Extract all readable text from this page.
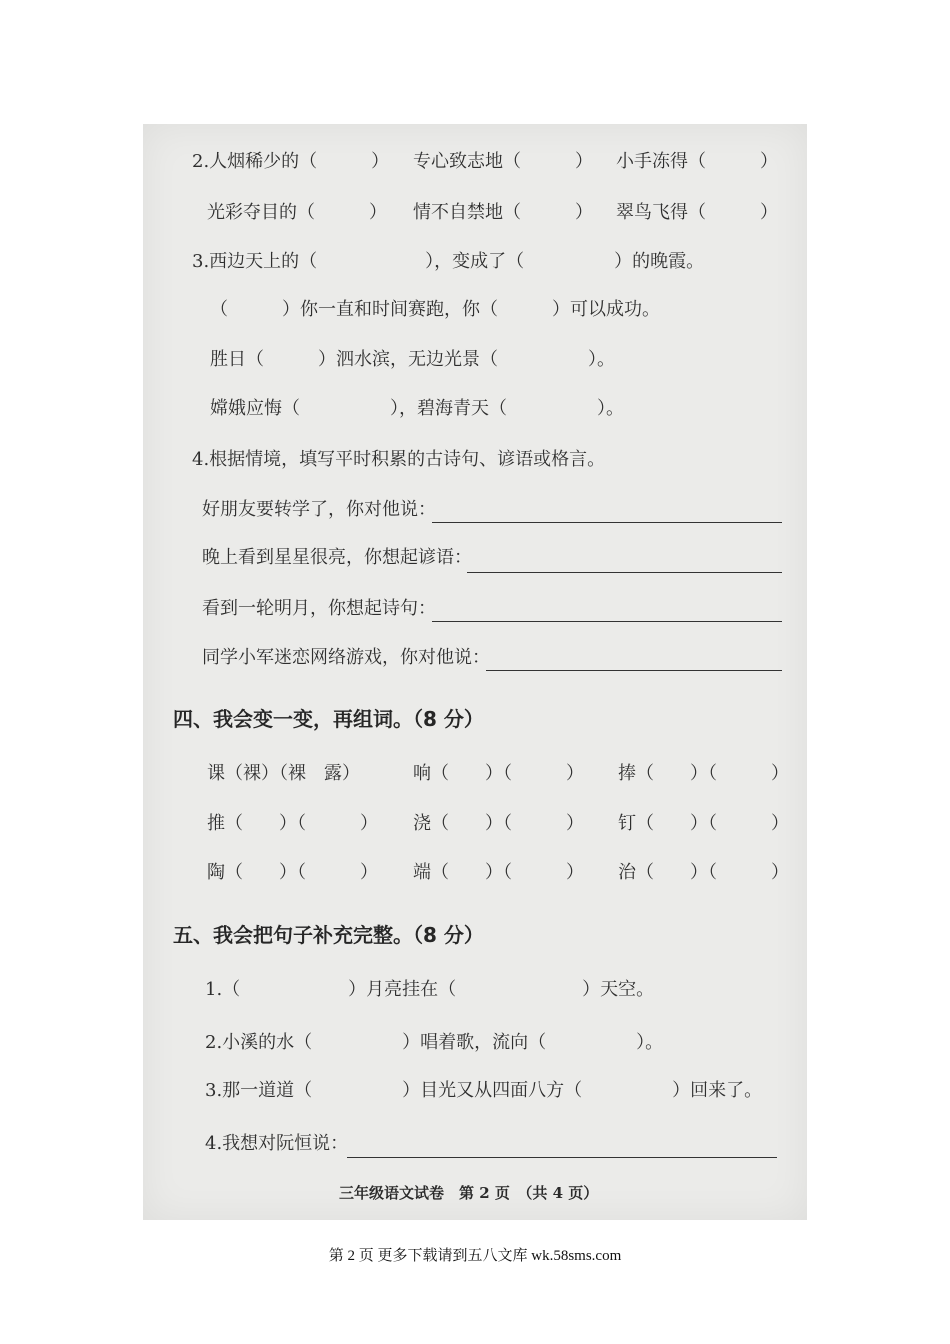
2.人烟稀少的（　　　） 专心致志地（　　　） 小手冻得（　　　）
光彩夺目的（　　　） 情不自禁地（　　　） 翠鸟飞得（　　　）
3.西边天上的（　　　　　　），变成了（　　　　　）的晚霞。
（　　　）你一直和时间赛跑，你（　　　）可以成功。
胜日（　　　）泗水滨，无边光景（　　　　　）。
嫦娥应悔（　　　　　），碧海青天（　　　　　）。
4.根据情境，填写平时积累的古诗句、谚语或格言。
好朋友要转学了，你对他说：
晚上看到星星很亮，你想起谚语：
看到一轮明月，你想起诗句：
同学小军迷恋网络游戏，你对他说：
四、我会变一变，再组词。（8 分）
课（裸）（裸　露）	响（　　）（　　　） 捧（　　）（　　　）
推（　　）（　　　） 浇（　　）（　　　） 钉（　　）（　　　）
陶（　　）（　　　） 端（　　）（　　　） 治（　　）（　　　）
五、我会把句子补充完整。（8 分）
1.（　　　　　　）月亮挂在（　　　　　　　）天空。
2.小溪的水（　　　　　）唱着歌，流向（　　　　　）。
3.那一道道（　　　　　）目光又从四面八方（　　　　　）回来了。
4.我想对阮恒说：
三年级语文试卷　第 2 页　（共 4 页）
第 2 页 更多下载请到五八文库 wk.58sms.com
